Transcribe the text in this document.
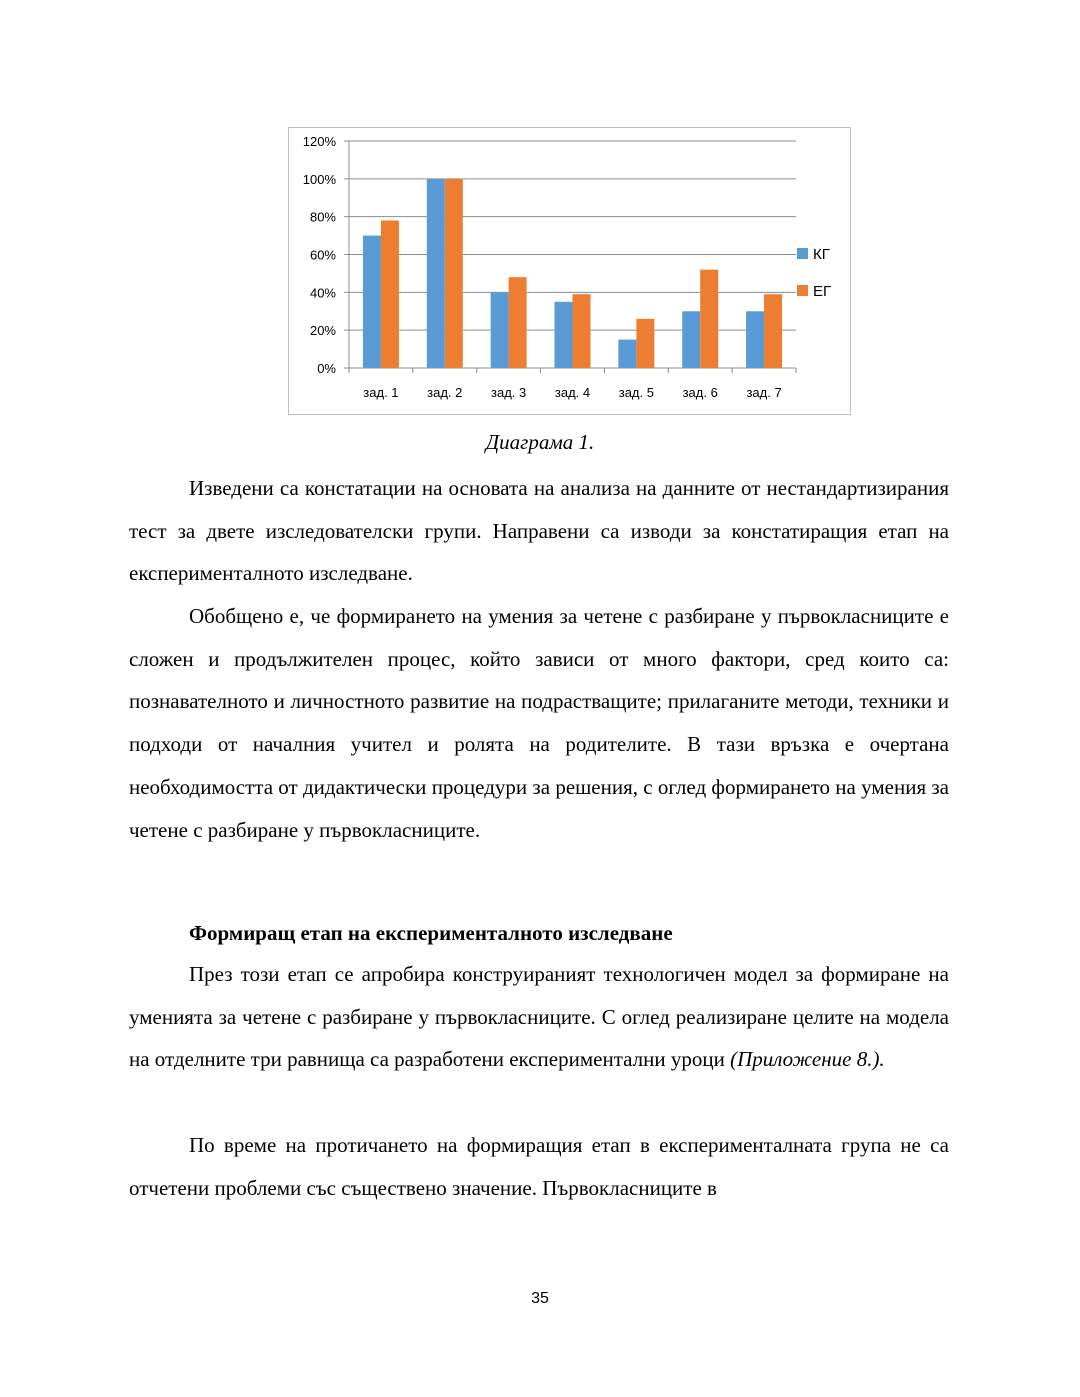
0%
20%
40%
60%
80%
100%
120%
зад. 1 зад. 2 зад. 3 зад. 4 зад. 5 зад. 6 зад. 7
КГ
ЕГ
Диаграма 1.

Изведени са констатации на основата на анализа на данните от нестандартизирания тест за двете изследователски групи. Направени са изводи за констатиращия етап на експерименталното изследване.

Обобщено е, че формирането на умения за четене с разбиране у първокласниците е сложен и продължителен процес, който зависи от много фактори, сред които са: познавателното и личностното развитие на подрастващите; прилаганите методи, техники и подходи от началния учител и ролята на родителите. В тази връзка е очертана необходимостта от дидактически процедури за решения, с оглед формирането на умения за четене с разбиране у първокласниците.

Формиращ етап на експерименталното изследване

През този етап се апробира конструираният технологичен модел за формиране на уменията за четене с разбиране у първокласниците. С оглед реализиране целите на модела на отделните три равнища са разработени експериментални уроци (Приложение 8.).

По време на протичането на формиращия етап в експерименталната група не са отчетени проблеми със съществено значение. Първокласниците в

35
